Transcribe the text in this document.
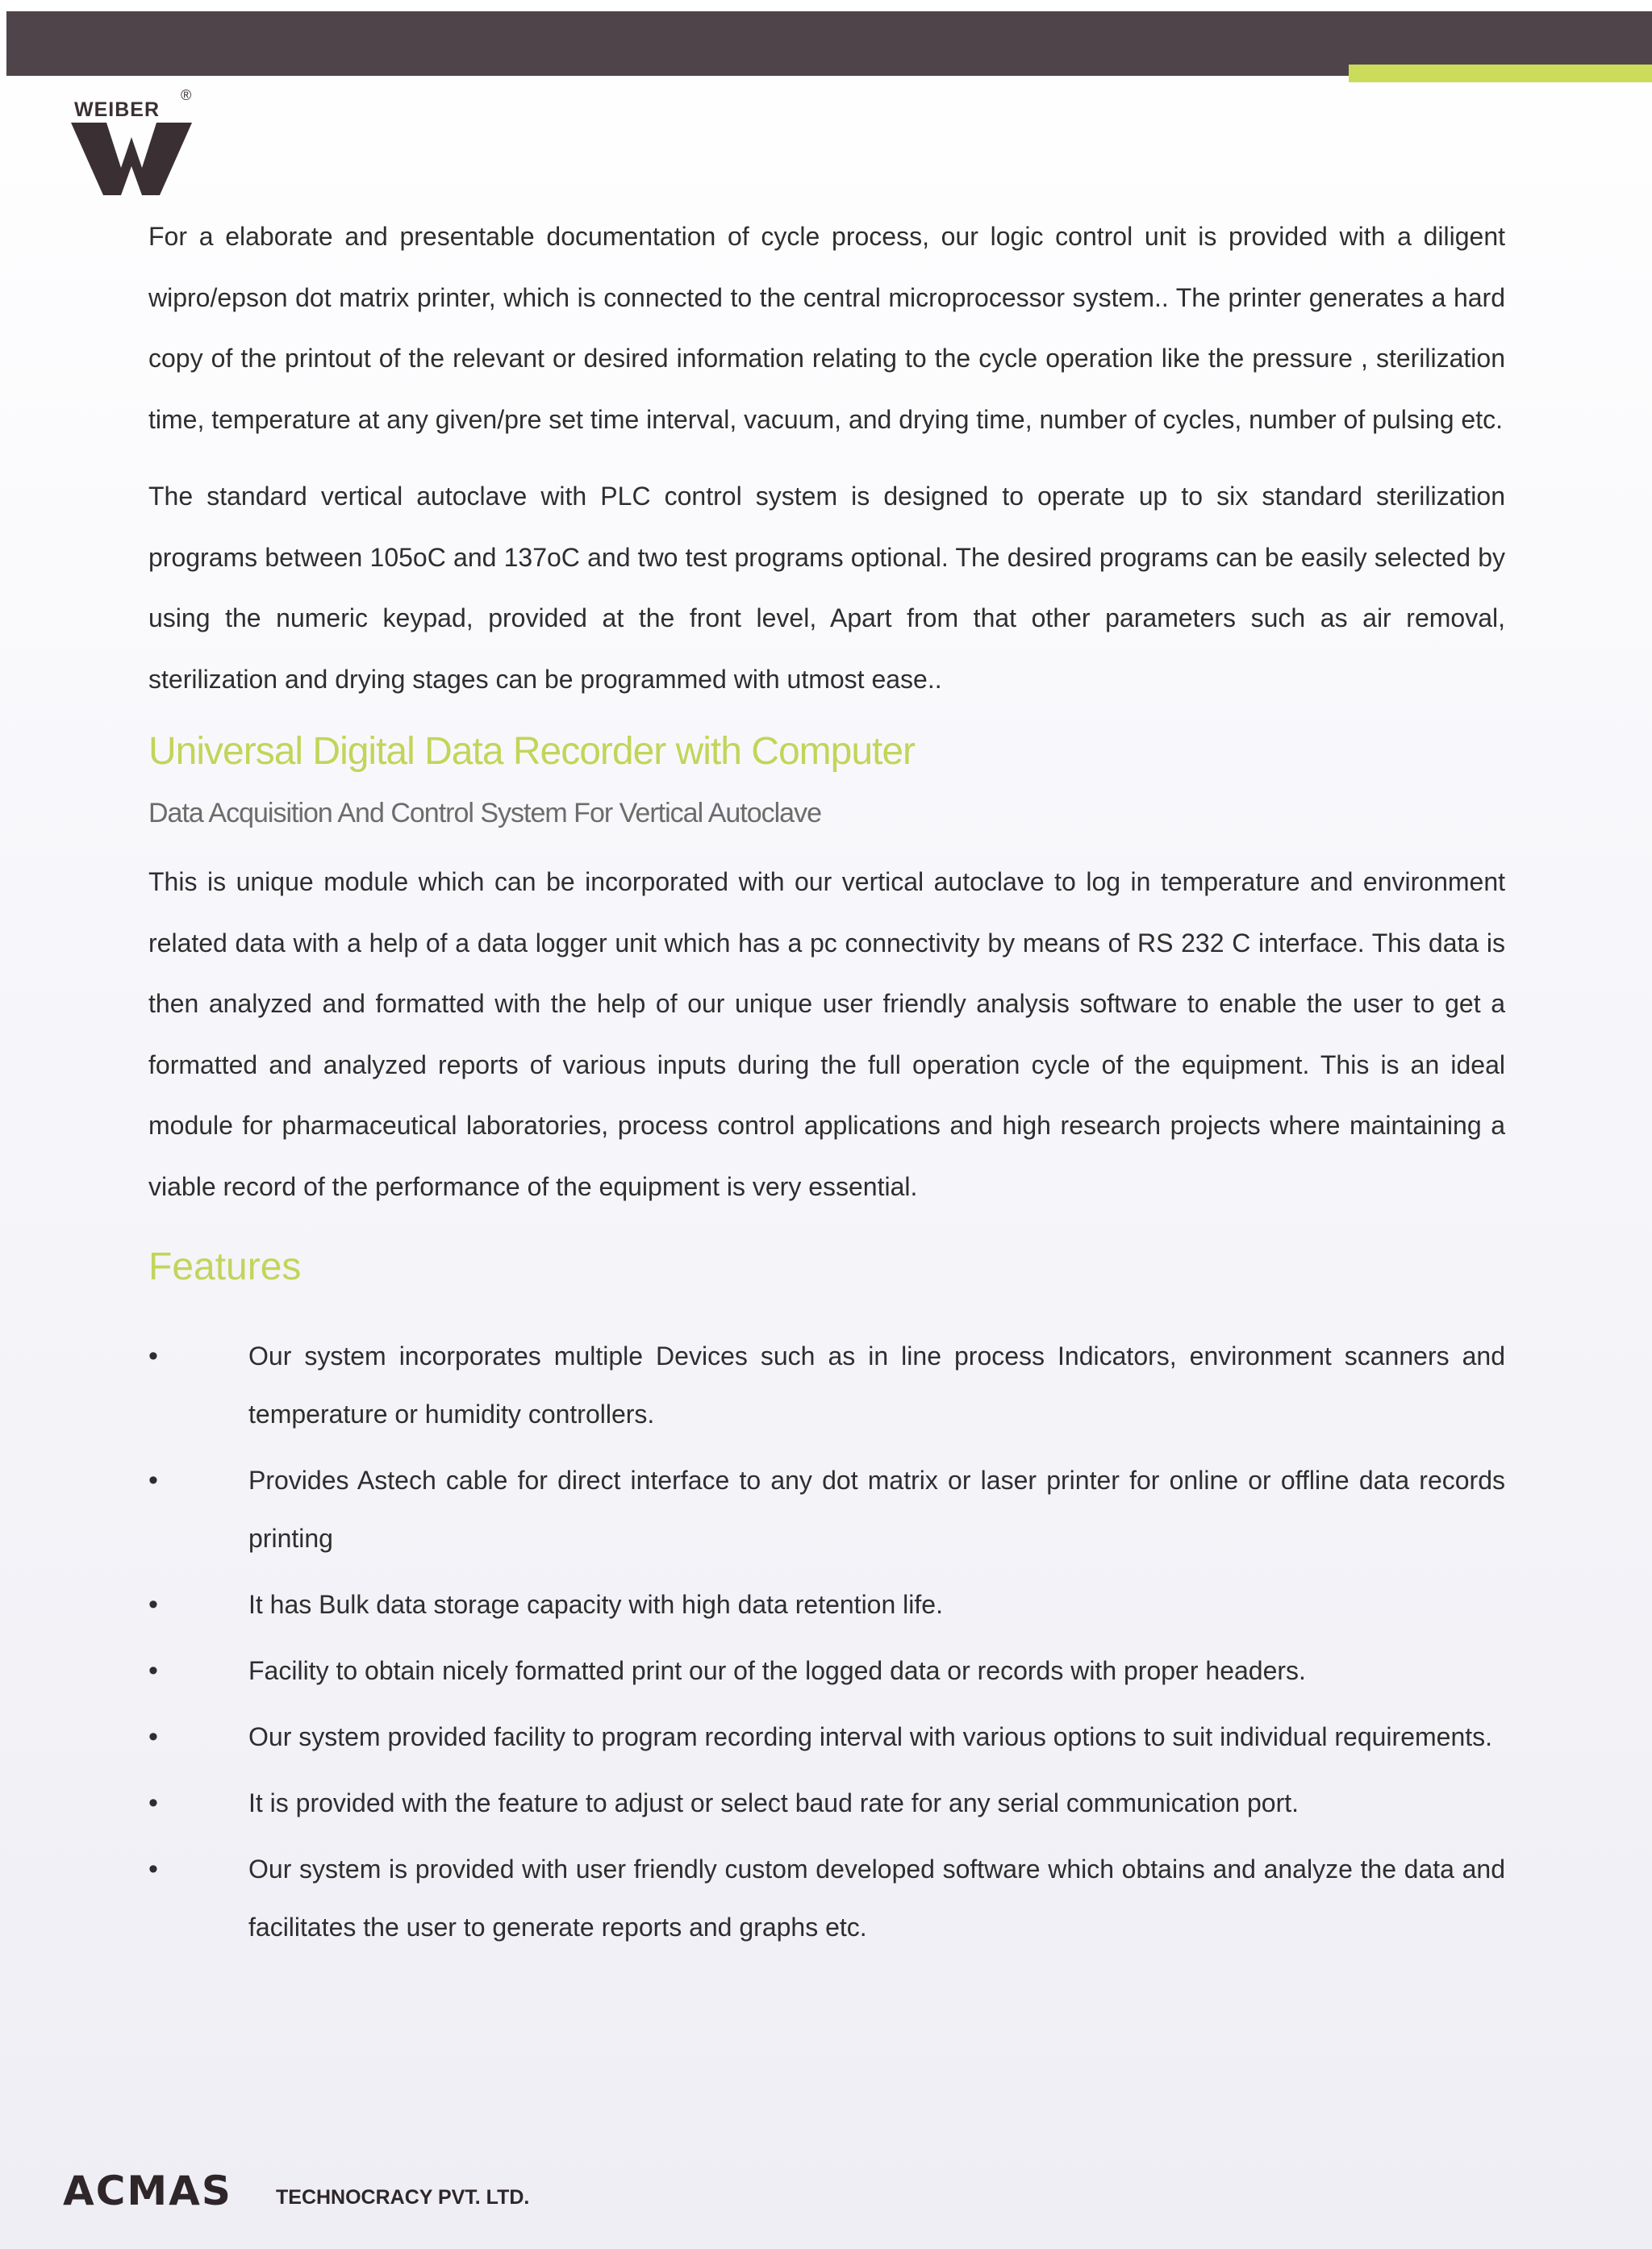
WEIBER
®

For a elaborate and presentable documentation of cycle process, our logic control unit is provided with a diligent wipro/epson dot matrix printer, which is connected to the central microprocessor system.. The printer generates a hard copy of the printout of the relevant or desired information relating to the cycle operation like the pressure , sterilization time, temperature at any given/pre set time interval, vacuum, and drying time, number of cycles, number of pulsing etc.

The standard vertical autoclave with PLC control system is designed to operate up to six standard sterilization programs between 105oC and 137oC and two test programs optional. The desired programs can be easily selected by using the numeric keypad, provided at the front level, Apart from that other parameters such as air removal, sterilization and drying stages can be programmed with utmost ease..

Universal Digital Data Recorder with Computer
Data Acquisition And Control System For Vertical Autoclave

This is unique module which can be incorporated with our vertical autoclave to log in temperature and environment related data with a help of a data logger unit which has a pc connectivity by means of RS 232 C interface. This data is then analyzed and formatted with the help of our unique user friendly analysis software to enable the user to get a formatted and analyzed reports of various inputs during the full operation cycle of the equipment. This is an ideal module for pharmaceutical laboratories, process control applications and high research projects where maintaining a viable record of the performance of the equipment is very essential.

Features
•	Our system incorporates multiple Devices such as in line process Indicators, environment scanners and temperature or humidity controllers.
•	Provides Astech cable for direct interface to any dot matrix or laser printer for online or offline data records printing
•	It has Bulk data storage capacity with high data retention life.
•	Facility to obtain nicely formatted print our of the logged data or records with proper headers.
•	Our system provided facility to program recording interval with various options to suit individual requirements.
•	It is provided with the feature to adjust or select baud rate for any serial communication port.
•	Our system is provided with user friendly custom developed software which obtains and analyze the data and facilitates the user to generate reports and graphs etc.
ACMAS TECHNOCRACY PVT. LTD.
